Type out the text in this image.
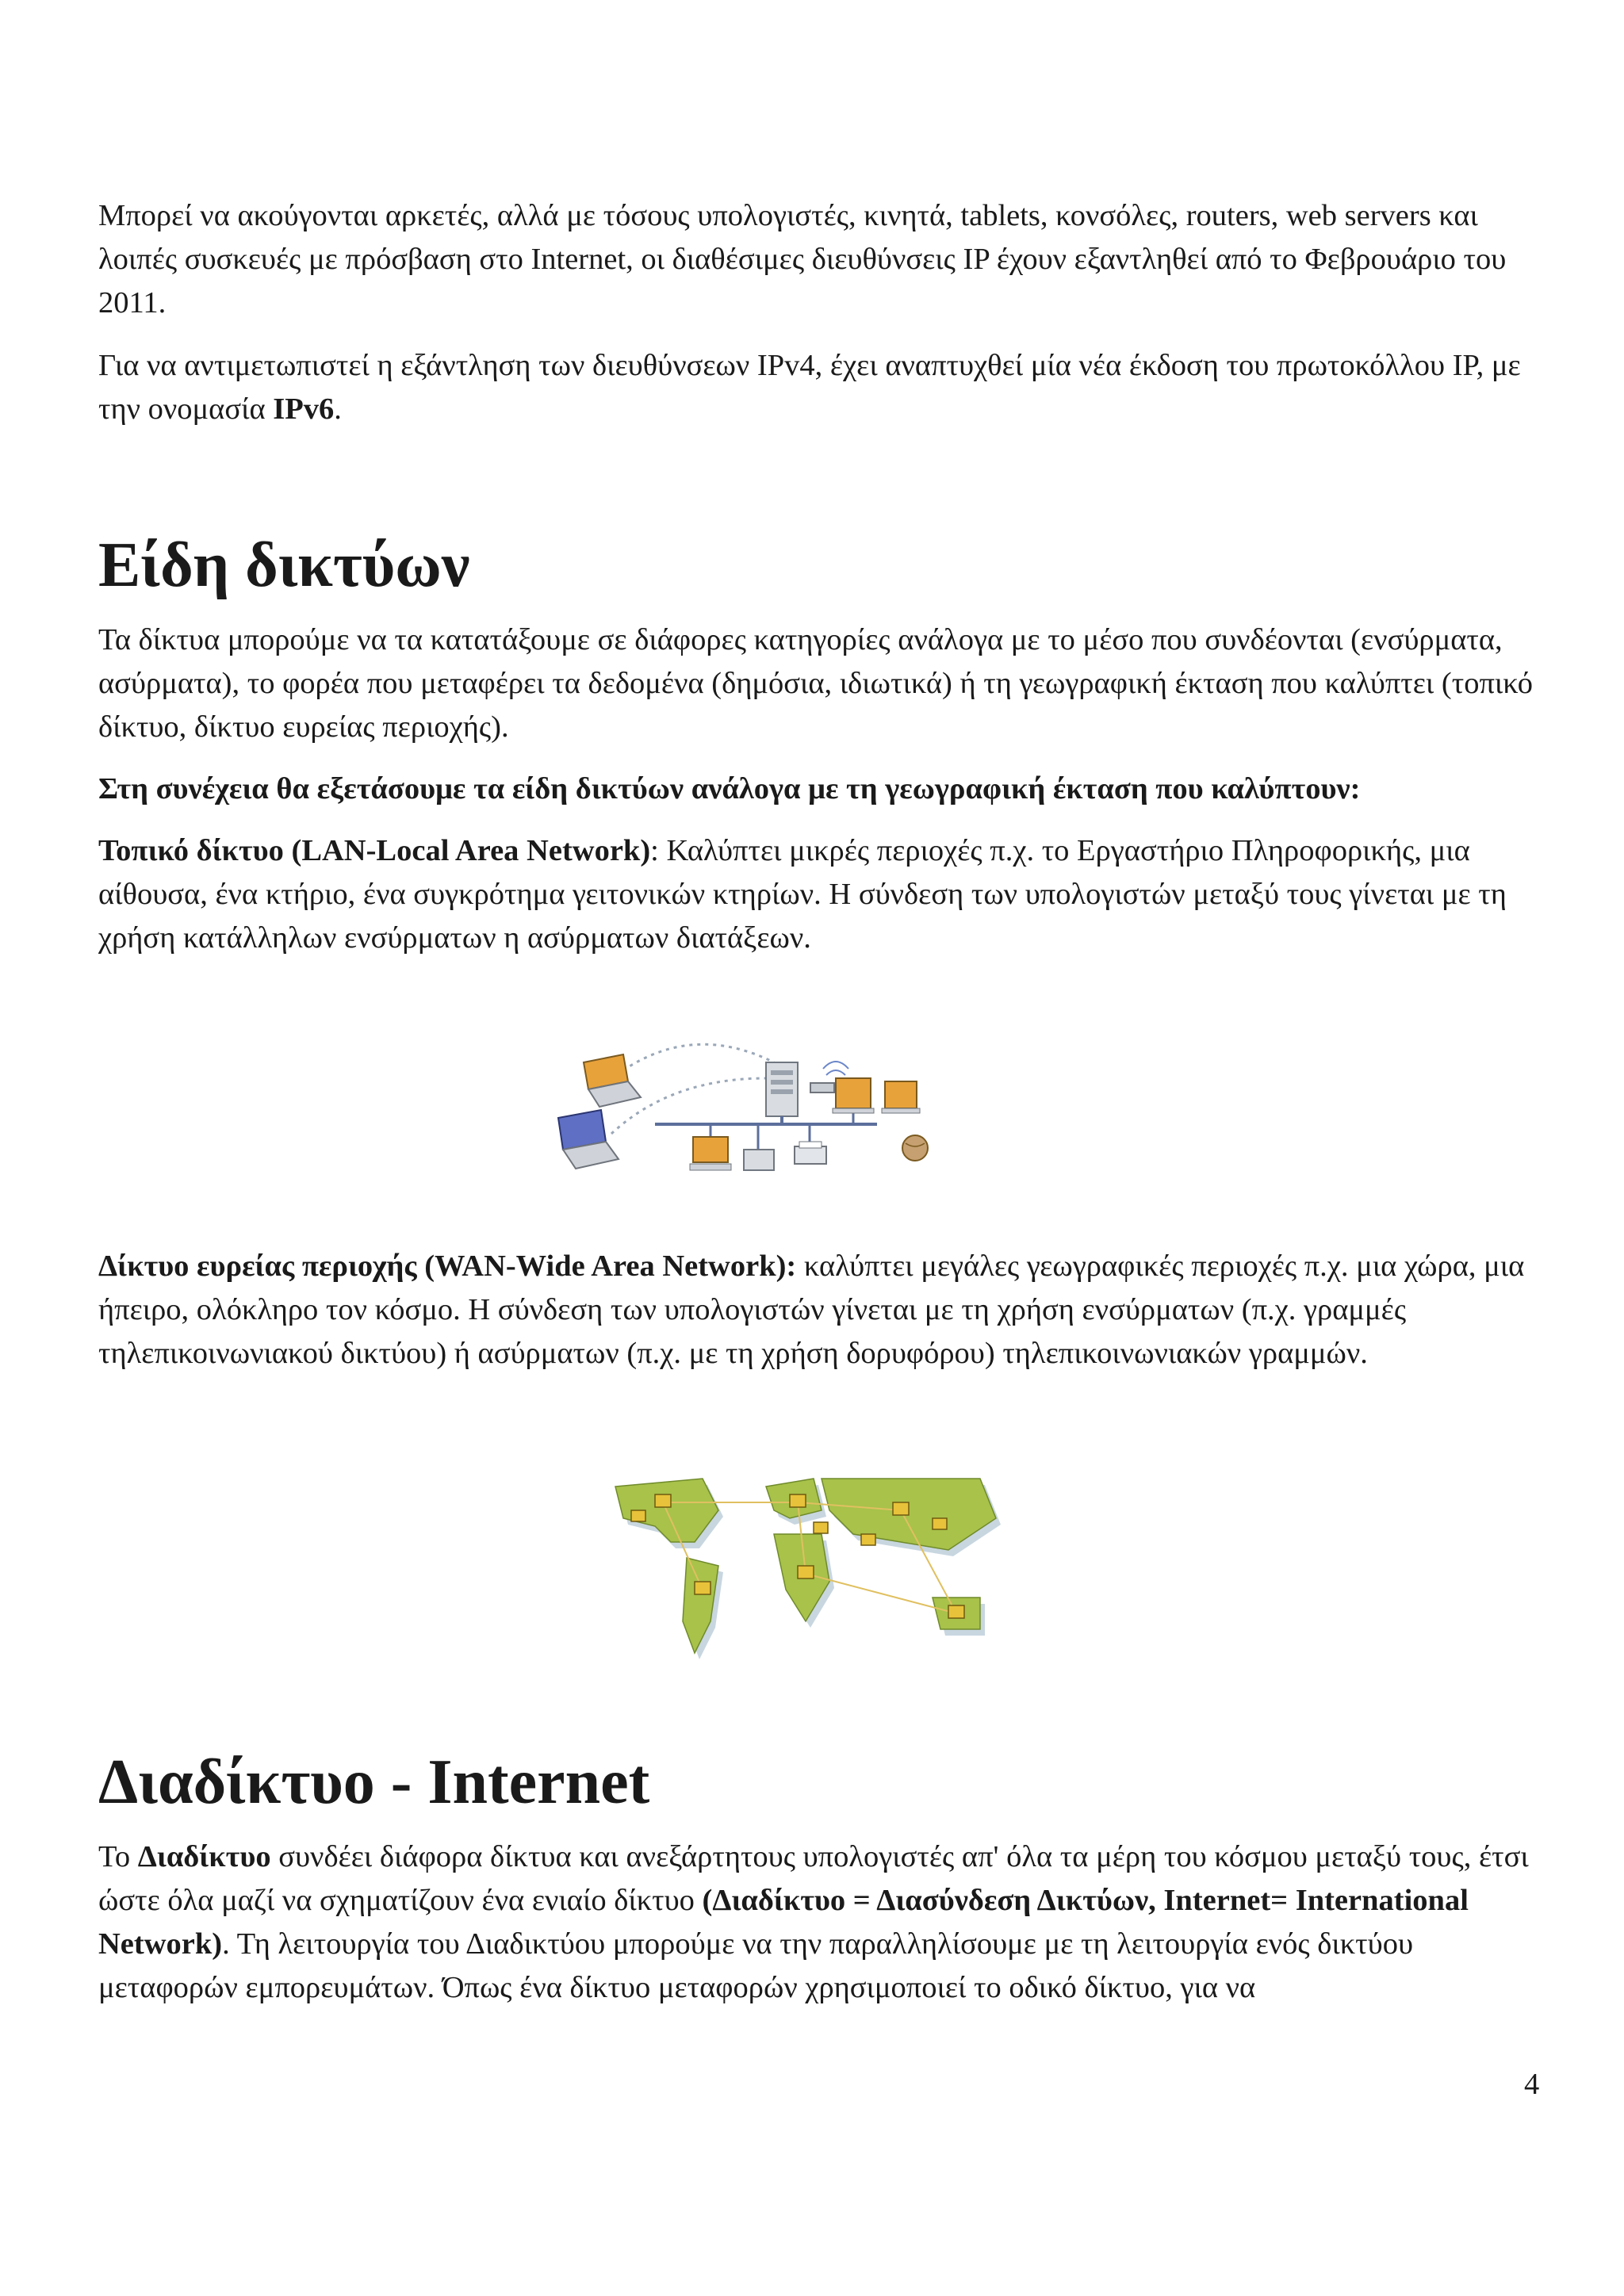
Μπορεί να ακούγονται αρκετές, αλλά με τόσους υπολογιστές, κινητά, tablets, κονσόλες, routers, web servers και λοιπές συσκευές με πρόσβαση στο Internet, οι διαθέσιμες διευθύνσεις IP έχουν εξαντληθεί από το Φεβρουάριο του 2011.

Για να αντιμετωπιστεί η εξάντληση των διευθύνσεων IPv4, έχει αναπτυχθεί μία νέα έκδοση του πρωτοκόλλου IP, με την ονομασία IPv6.

Είδη δικτύων

Τα δίκτυα μπορούμε να τα κατατάξουμε σε διάφορες κατηγορίες ανάλογα με το μέσο που συνδέονται (ενσύρματα, ασύρματα), το φορέα που μεταφέρει τα δεδομένα (δημόσια, ιδιωτικά) ή τη γεωγραφική έκταση που καλύπτει (τοπικό δίκτυο, δίκτυο ευρείας περιοχής).

Στη συνέχεια θα εξετάσουμε τα είδη δικτύων ανάλογα με τη γεωγραφική έκταση που καλύπτουν:

Τοπικό δίκτυο (LAN-Local Area Network): Καλύπτει μικρές περιοχές π.χ. το Εργαστήριο Πληροφορικής, μια αίθουσα, ένα κτήριο, ένα συγκρότημα γειτονικών κτηρίων. Η σύνδεση των υπολογιστών μεταξύ τους γίνεται με τη χρήση κατάλληλων ενσύρματων η ασύρματων διατάξεων.

Δίκτυο ευρείας περιοχής (WAN-Wide Area Network): καλύπτει μεγάλες γεωγραφικές περιοχές π.χ. μια χώρα, μια ήπειρο, ολόκληρο τον κόσμο. Η σύνδεση των υπολογιστών γίνεται με τη χρήση ενσύρματων (π.χ. γραμμές τηλεπικοινωνιακού δικτύου) ή ασύρματων (π.χ. με τη χρήση δορυφόρου) τηλεπικοινωνιακών γραμμών.

Διαδίκτυο - Internet

Το Διαδίκτυο συνδέει διάφορα δίκτυα και ανεξάρτητους υπολογιστές απ' όλα τα μέρη του κόσμου μεταξύ τους, έτσι ώστε όλα μαζί να σχηματίζουν ένα ενιαίο δίκτυο (Διαδίκτυο = Διασύνδεση Δικτύων, Internet= International Network). Τη λειτουργία του Διαδικτύου μπορούμε να την παραλληλίσουμε με τη λειτουργία ενός δικτύου μεταφορών εμπορευμάτων. Όπως ένα δίκτυο μεταφορών χρησιμοποιεί το οδικό δίκτυο, για να

4
